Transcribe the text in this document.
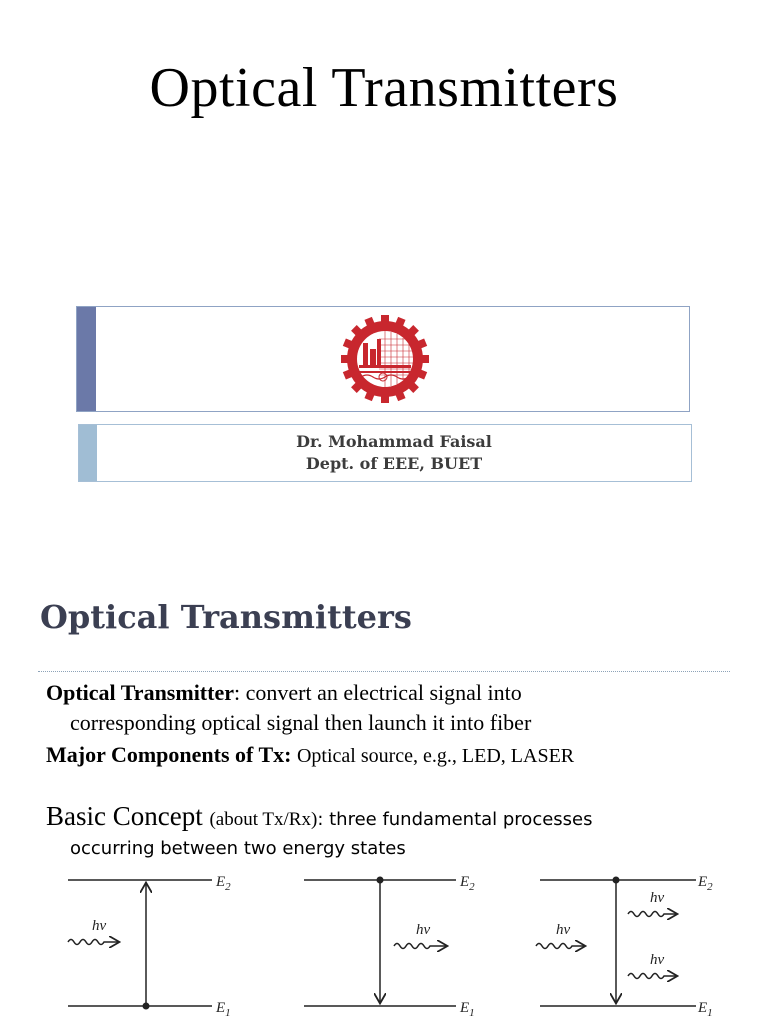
Optical Transmitters
Dr. Mohammad Faisal
Dept. of EEE, BUET
Optical Transmitters
Optical Transmitter: convert an electrical signal into
corresponding optical signal then launch it into fiber
Major Components of Tx: Optical source, e.g., LED, LASER
Basic Concept (about Tx/Rx): three fundamental processes
occurring between two energy states
$E_2$
$E_1$
$E_2$
$E_1$
$E_2$
$E_1$
hν	hν	hν
hν
hν
